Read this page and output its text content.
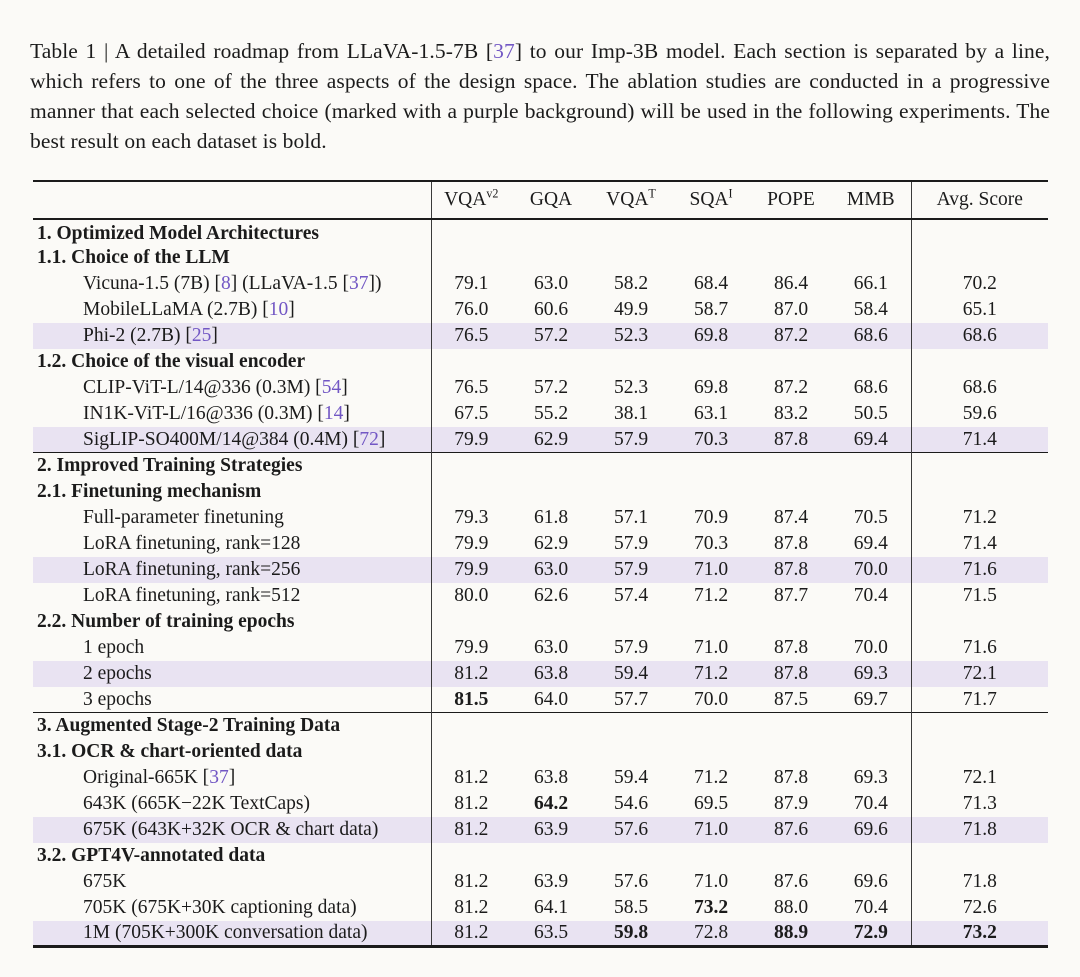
Table 1 | A detailed roadmap from LLaVA-1.5-7B [37] to our Imp-3B model. Each section is separated by a line, which refers to one of the three aspects of the design space. The ablation studies are conducted in a progressive manner that each selected choice (marked with a purple background) will be used in the following experiments. The best result on each dataset is bold.

	$VQA^{v2}$	GQA	$VQA^T$	$SQA^I$	POPE	MMB	Avg. Score
1. Optimized Model Architectures							
1.1. Choice of the LLM							
Vicuna-1.5 (7B) [8] (LLaVA-1.5 [37])	79.1	63.0	58.2	68.4	86.4	66.1	70.2
MobileLLaMA (2.7B) [10]	76.0	60.6	49.9	58.7	87.0	58.4	65.1
Phi-2 (2.7B) [25]	76.5	57.2	52.3	69.8	87.2	68.6	68.6
1.2. Choice of the visual encoder							
CLIP-ViT-L/14@336 (0.3M) [54]	76.5	57.2	52.3	69.8	87.2	68.6	68.6
IN1K-ViT-L/16@336 (0.3M) [14]	67.5	55.2	38.1	63.1	83.2	50.5	59.6
SigLIP-SO400M/14@384 (0.4M) [72]	79.9	62.9	57.9	70.3	87.8	69.4	71.4
2. Improved Training Strategies							
2.1. Finetuning mechanism							
Full-parameter finetuning	79.3	61.8	57.1	70.9	87.4	70.5	71.2
LoRA finetuning, rank=128	79.9	62.9	57.9	70.3	87.8	69.4	71.4
LoRA finetuning, rank=256	79.9	63.0	57.9	71.0	87.8	70.0	71.6
LoRA finetuning, rank=512	80.0	62.6	57.4	71.2	87.7	70.4	71.5
2.2. Number of training epochs							
1 epoch	79.9	63.0	57.9	71.0	87.8	70.0	71.6
2 epochs	81.2	63.8	59.4	71.2	87.8	69.3	72.1
3 epochs	81.5	64.0	57.7	70.0	87.5	69.7	71.7
3. Augmented Stage-2 Training Data							
3.1. OCR & chart-oriented data							
Original-665K [37]	81.2	63.8	59.4	71.2	87.8	69.3	72.1
643K (665K−22K TextCaps)	81.2	64.2	54.6	69.5	87.9	70.4	71.3
675K (643K+32K OCR & chart data)	81.2	63.9	57.6	71.0	87.6	69.6	71.8
3.2. GPT4V-annotated data							
675K	81.2	63.9	57.6	71.0	87.6	69.6	71.8
705K (675K+30K captioning data)	81.2	64.1	58.5	73.2	88.0	70.4	72.6
1M (705K+300K conversation data)	81.2	63.5	59.8	72.8	88.9	72.9	73.2
